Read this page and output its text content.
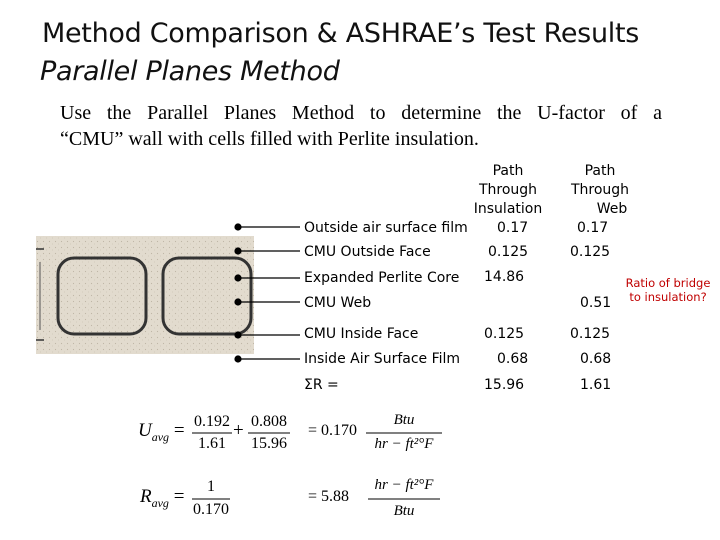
Method Comparison & ASHRAE’s Test Results
Parallel Planes Method
Use the Parallel Planes Method to determine the U-factor of a
“CMU” wall with cells filled with Perlite insulation.
Path
Through
Insulation
Path
Through
Web
Outside air surface film
CMU Outside Face
Expanded Perlite Core
CMU Web
CMU Inside Face
Inside Air Surface Film
ΣR =
0.17
0.125
14.86
0.125
0.68
15.96
0.17
0.125
0.51
0.125
0.68
1.61
Ratio of bridge
to insulation?
$U_{avg} = 0.192$
1.61
+ 0.808
15.96
= 0.170
Btu
hr − ft²°F
$R_{avg}$ =	1
0.170
= 5.88
hr − ft²°F
Btu
